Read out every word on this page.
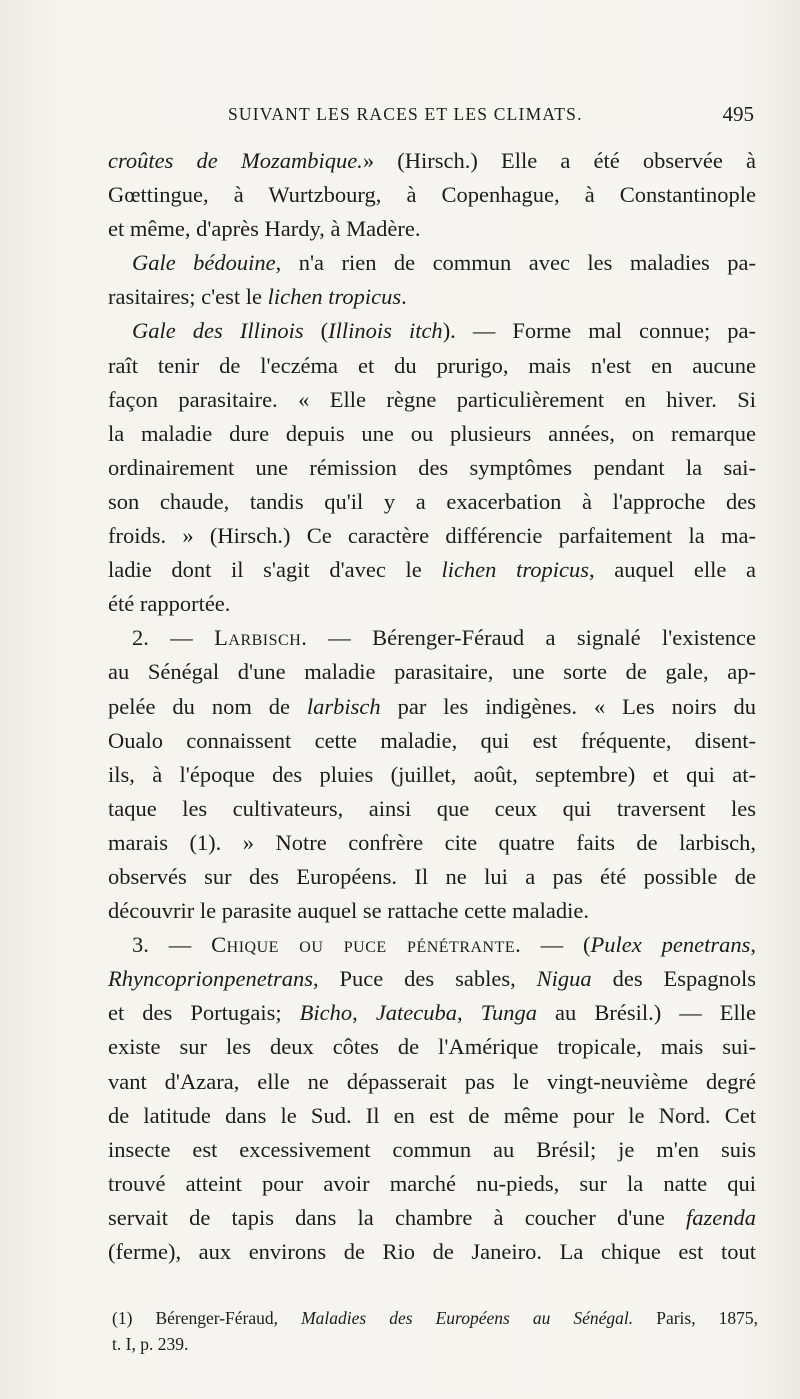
SUIVANT LES RACES ET LES CLIMATS.	495
croûtes de Mozambique.» (Hirsch.) Elle a été observée à
Gœttingue, à Wurtzbourg, à Copenhague, à Constantinople
et même, d'après Hardy, à Madère.
Gale bédouine, n'a rien de commun avec les maladies pa-
rasitaires; c'est le lichen tropicus.
Gale des Illinois (Illinois itch). — Forme mal connue; pa-
raît tenir de l'eczéma et du prurigo, mais n'est en aucune
façon parasitaire. « Elle règne particulièrement en hiver. Si
la maladie dure depuis une ou plusieurs années, on remarque
ordinairement une rémission des symptômes pendant la sai-
son chaude, tandis qu'il y a exacerbation à l'approche des
froids. » (Hirsch.) Ce caractère différencie parfaitement la ma-
ladie dont il s'agit d'avec le lichen tropicus, auquel elle a
été rapportée.
2. — Larbisch. — Bérenger-Féraud a signalé l'existence
au Sénégal d'une maladie parasitaire, une sorte de gale, ap-
pelée du nom de larbisch par les indigènes. « Les noirs du
Oualo connaissent cette maladie, qui est fréquente, disent-
ils, à l'époque des pluies (juillet, août, septembre) et qui at-
taque les cultivateurs, ainsi que ceux qui traversent les
marais (1). » Notre confrère cite quatre faits de larbisch,
observés sur des Européens. Il ne lui a pas été possible de
découvrir le parasite auquel se rattache cette maladie.
3. — Chique ou puce pénétrante. — (Pulex penetrans,
Rhyncoprionpenetrans, Puce des sables, Nigua des Espagnols
et des Portugais; Bicho, Jatecuba, Tunga au Brésil.) — Elle
existe sur les deux côtes de l'Amérique tropicale, mais sui-
vant d'Azara, elle ne dépasserait pas le vingt-neuvième degré
de latitude dans le Sud. Il en est de même pour le Nord. Cet
insecte est excessivement commun au Brésil; je m'en suis
trouvé atteint pour avoir marché nu-pieds, sur la natte qui
servait de tapis dans la chambre à coucher d'une fazenda
(ferme), aux environs de Rio de Janeiro. La chique est tout
(1) Bérenger-Féraud, Maladies des Européens au Sénégal. Paris, 1875,
t. I, p. 239.
